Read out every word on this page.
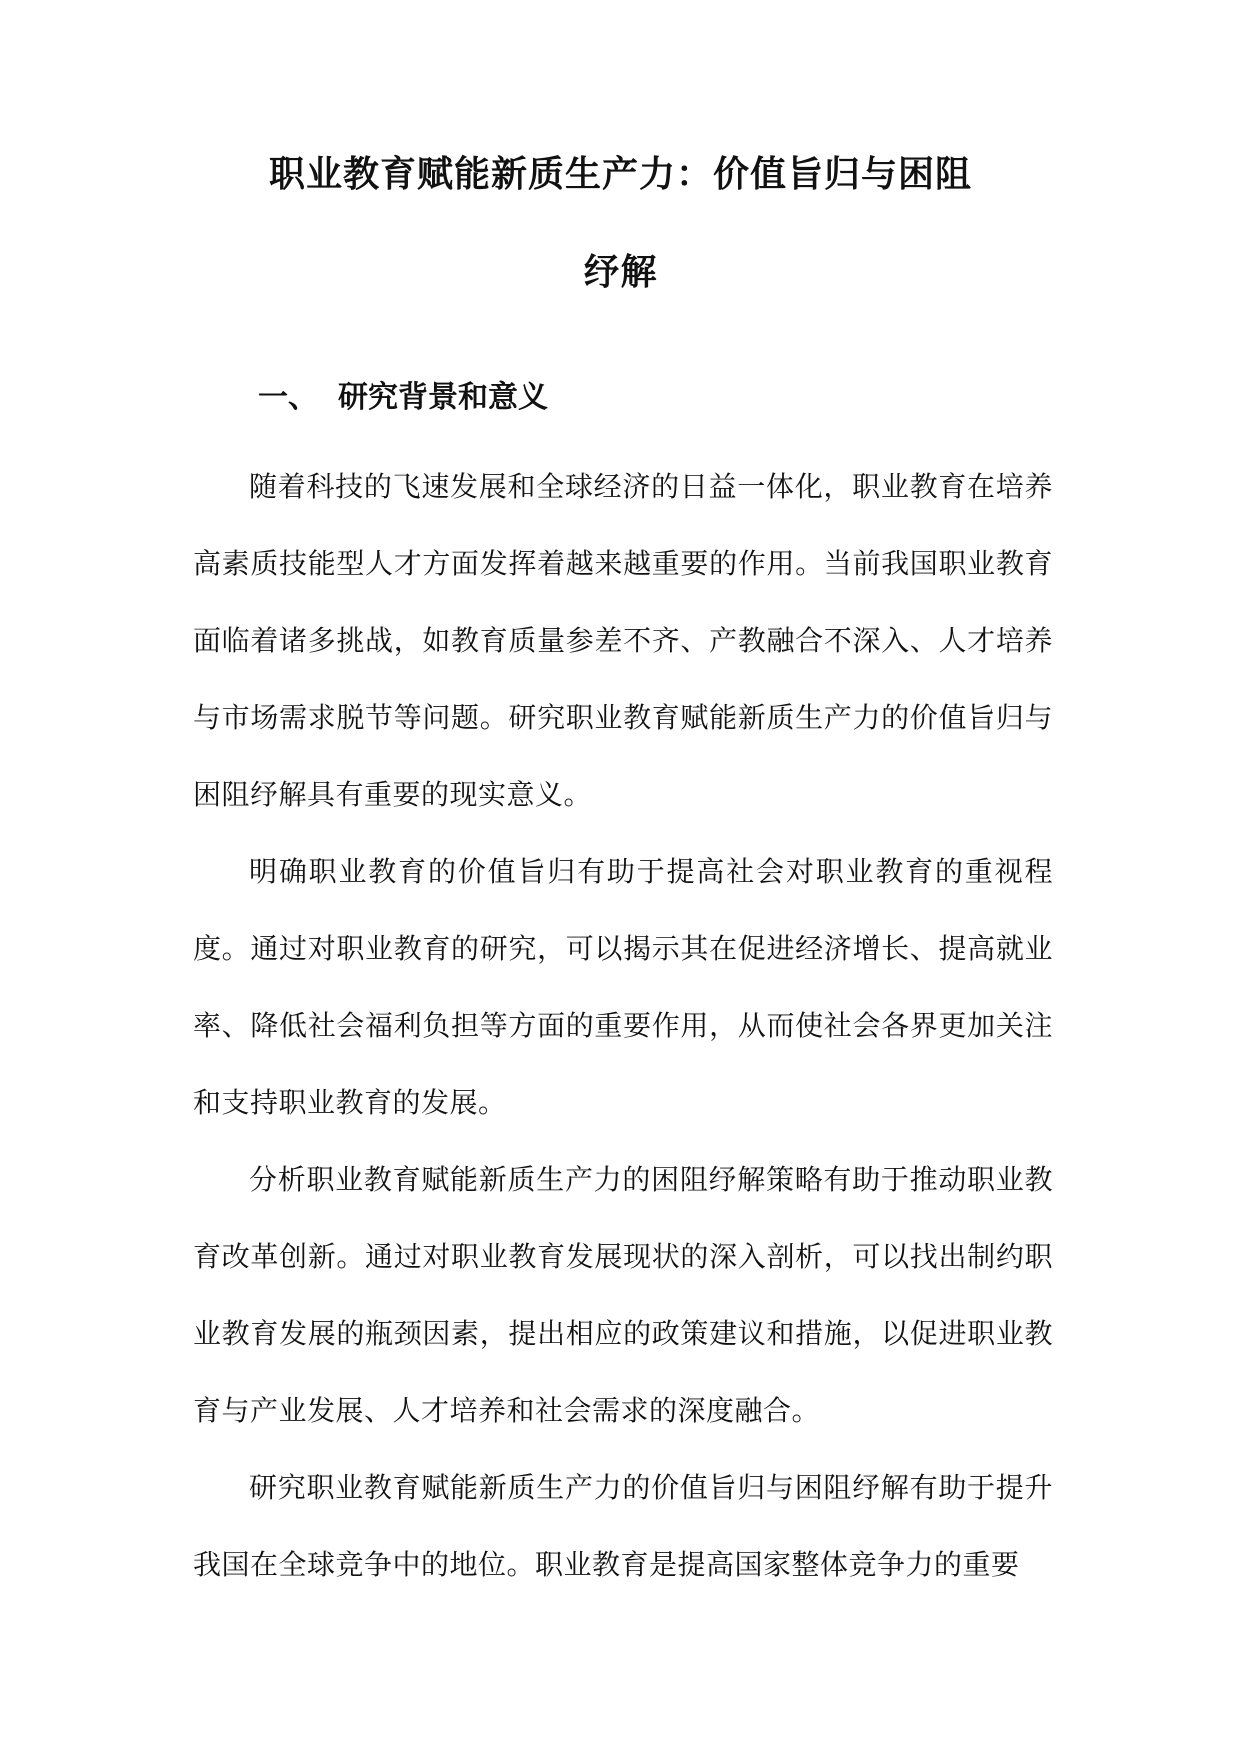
职业教育赋能新质生产力：价值旨归与困阻
纾解
一、 研究背景和意义

随着科技的飞速发展和全球经济的日益一体化，职业教育在培养高素质技能型人才方面发挥着越来越重要的作用。当前我国职业教育面临着诸多挑战，如教育质量参差不齐、产教融合不深入、人才培养与市场需求脱节等问题。研究职业教育赋能新质生产力的价值旨归与困阻纾解具有重要的现实意义。

明确职业教育的价值旨归有助于提高社会对职业教育的重视程度。通过对职业教育的研究，可以揭示其在促进经济增长、提高就业率、降低社会福利负担等方面的重要作用，从而使社会各界更加关注和支持职业教育的发展。

分析职业教育赋能新质生产力的困阻纾解策略有助于推动职业教育改革创新。通过对职业教育发展现状的深入剖析，可以找出制约职业教育发展的瓶颈因素，提出相应的政策建议和措施，以促进职业教育与产业发展、人才培养和社会需求的深度融合。

研究职业教育赋能新质生产力的价值旨归与困阻纾解有助于提升我国在全球竞争中的地位。职业教育是提高国家整体竞争力的重要
